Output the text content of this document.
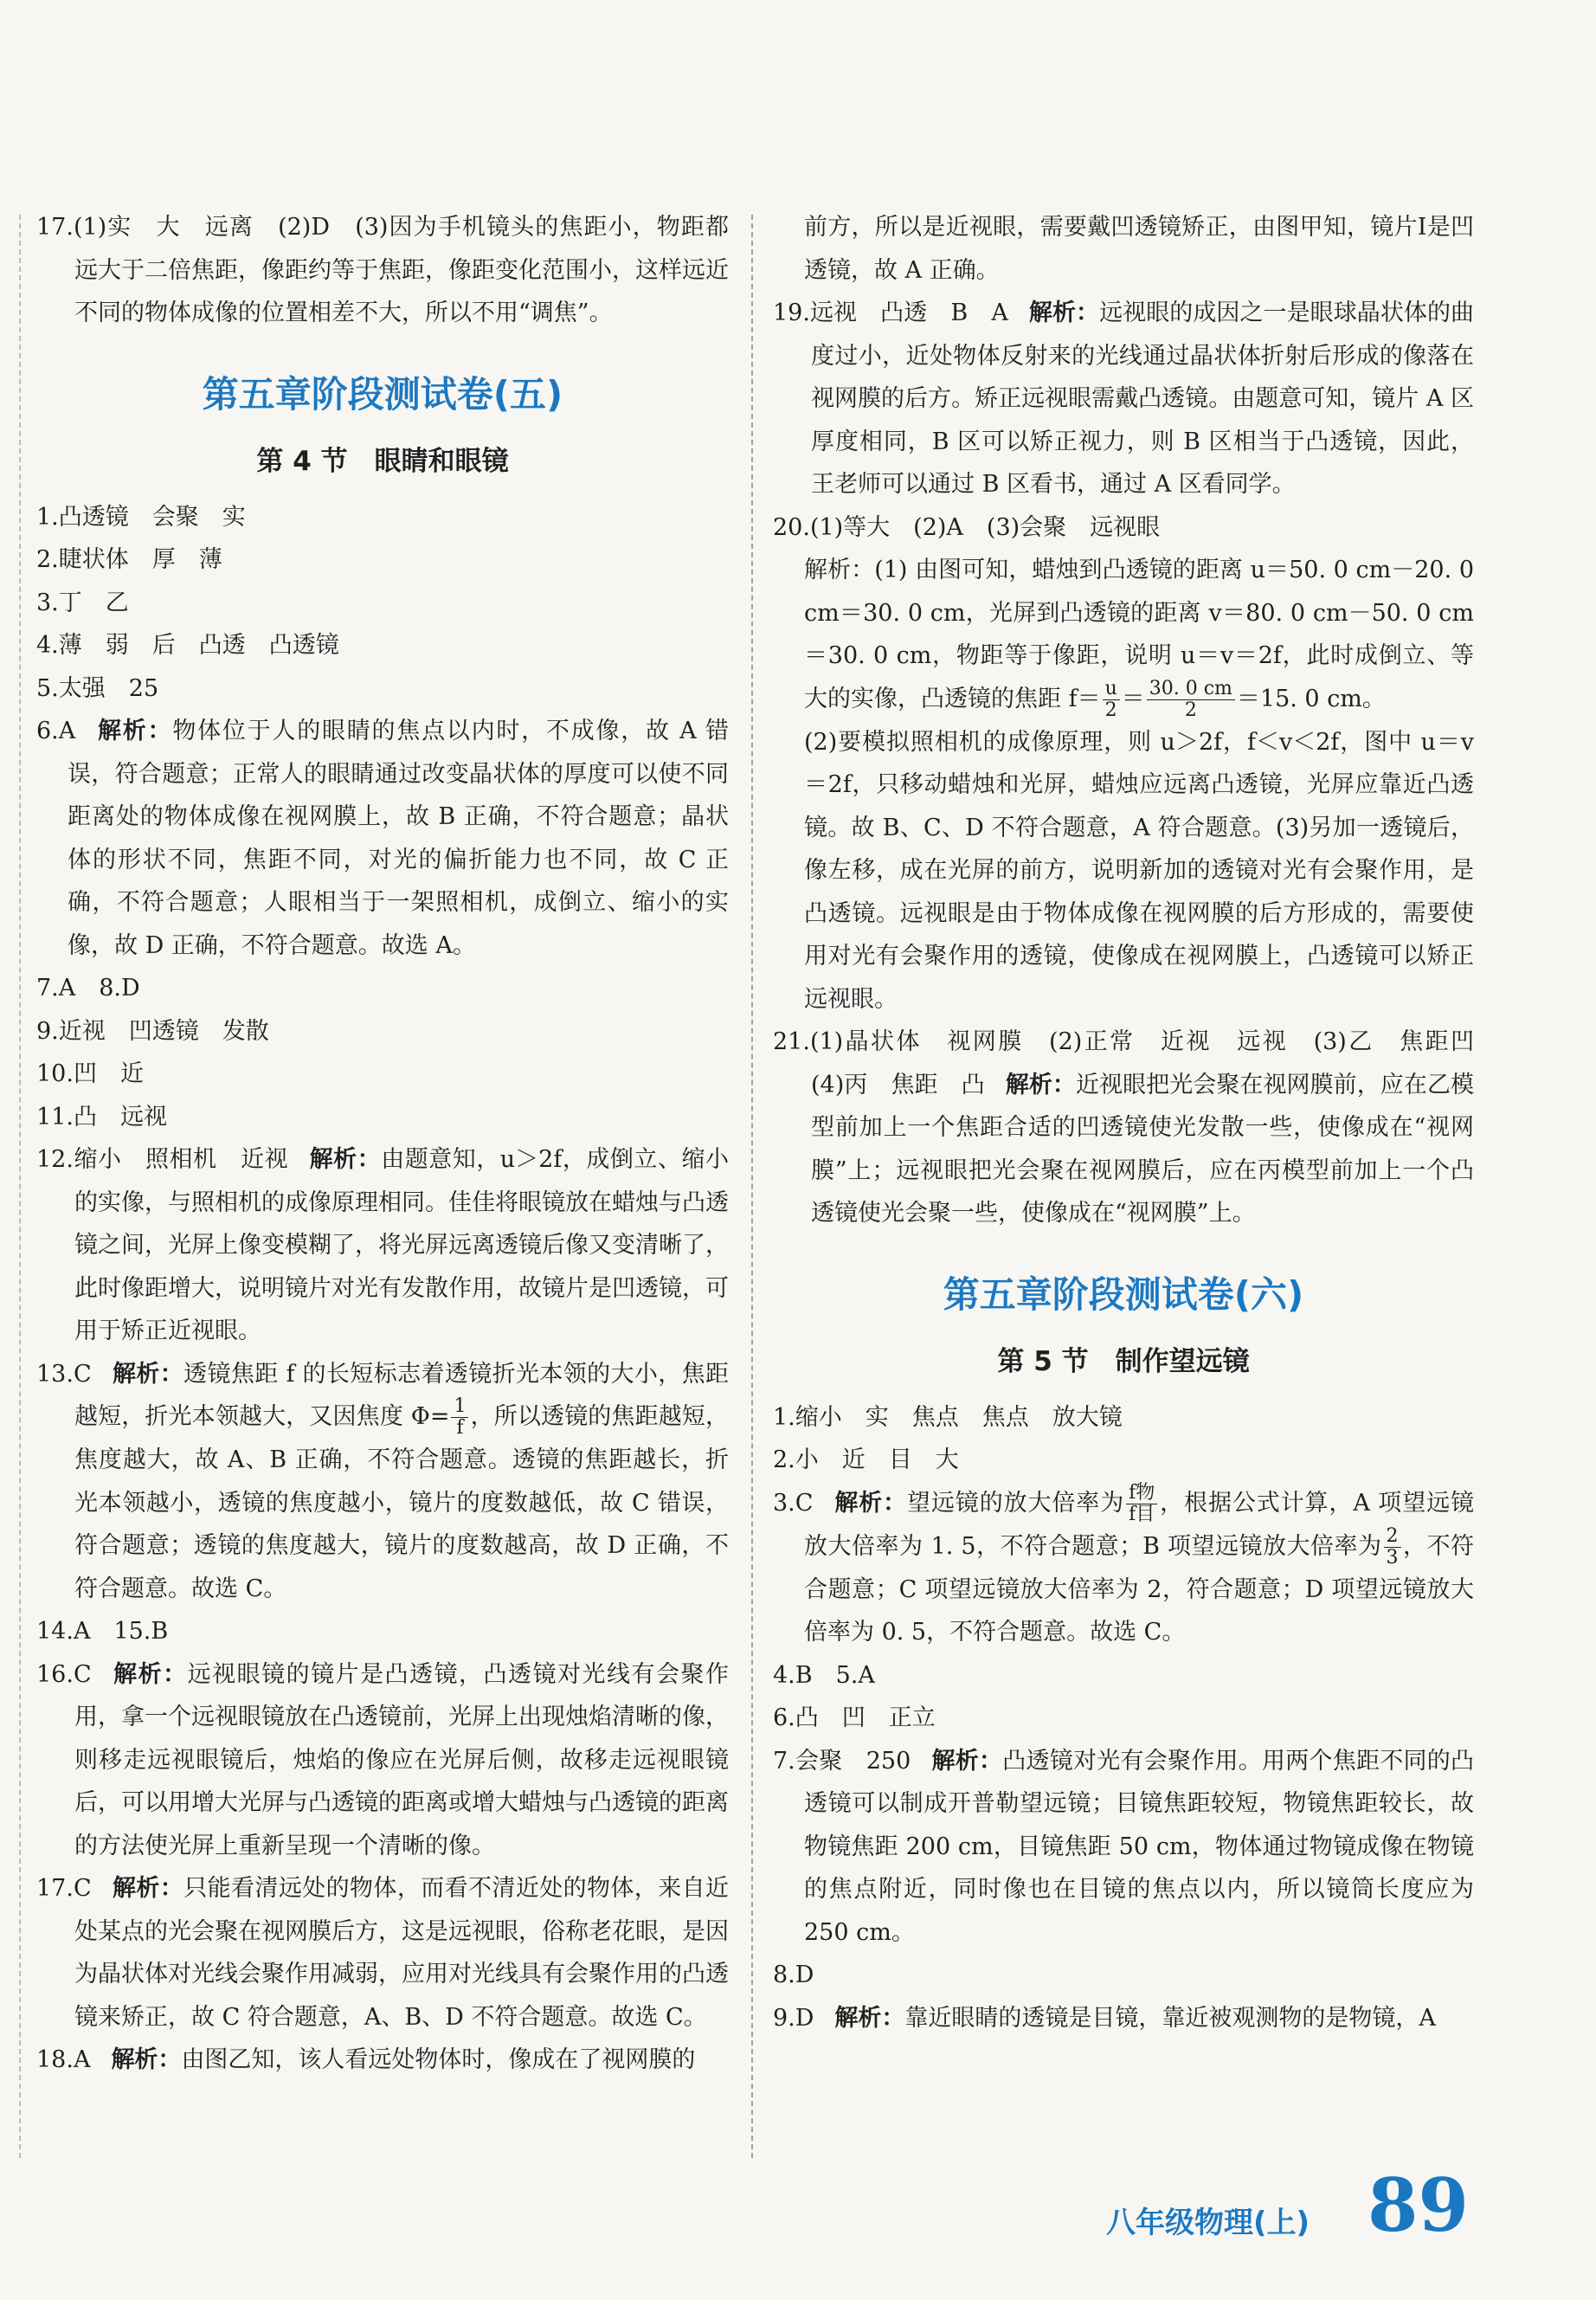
17.(1)实　大　远离　(2)D　(3)因为手机镜头的焦距小，物距都远大于二倍焦距，像距约等于焦距，像距变化范围小，这样远近不同的物体成像的位置相差不大，所以不用“调焦”。
第五章阶段测试卷(五)
第 4 节　眼睛和眼镜
1.凸透镜　会聚　实
2.睫状体　厚　薄
3.丁　乙
4.薄　弱　后　凸透　凸透镜
5.太强　25
6.A 解析：物体位于人的眼睛的焦点以内时，不成像，故 A 错误，符合题意；正常人的眼睛通过改变晶状体的厚度可以使不同距离处的物体成像在视网膜上，故 B 正确，不符合题意；晶状体的形状不同，焦距不同，对光的偏折能力也不同，故 C 正确，不符合题意；人眼相当于一架照相机，成倒立、缩小的实像，故 D 正确，不符合题意。故选 A。
7.A　8.D
9.近视　凹透镜　发散
10.凹　近
11.凸　远视
12.缩小　照相机　近视 解析：由题意知，u＞2f，成倒立、缩小的实像，与照相机的成像原理相同。佳佳将眼镜放在蜡烛与凸透镜之间，光屏上像变模糊了，将光屏远离透镜后像又变清晰了，此时像距增大，说明镜片对光有发散作用，故镜片是凹透镜，可用于矫正近视眼。
13.C 解析：透镜焦距 f 的长短标志着透镜折光本领的大小，焦距越短，折光本领越大，又因焦度 $\Phi= \frac{1}{f}$ ，所以透镜的焦距越短，焦度越大，故 A、B 正确，不符合题意。透镜的焦距越长，折光本领越小，透镜的焦度越小，镜片的度数越低，故 C 错误，符合题意；透镜的焦度越大，镜片的度数越高，故 D 正确，不符合题意。故选 C。
14.A　15.B
16.C 解析：远视眼镜的镜片是凸透镜，凸透镜对光线有会聚作用，拿一个远视眼镜放在凸透镜前，光屏上出现烛焰清晰的像，则移走远视眼镜后，烛焰的像应在光屏后侧，故移走远视眼镜后，可以用增大光屏与凸透镜的距离或增大蜡烛与凸透镜的距离的方法使光屏上重新呈现一个清晰的像。
17.C 解析：只能看清远处的物体，而看不清近处的物体，来自近处某点的光会聚在视网膜后方，这是远视眼，俗称老花眼，是因为晶状体对光线会聚作用减弱，应用对光线具有会聚作用的凸透镜来矫正，故 C 符合题意，A、B、D 不符合题意。故选 C。
18.A 解析：由图乙知，该人看远处物体时，像成在了视网膜的
前方，所以是近视眼，需要戴凹透镜矫正，由图甲知，镜片Ⅰ是凹透镜，故 A 正确。
19.远视　凸透　B　A 解析：远视眼的成因之一是眼球晶状体的曲度过小，近处物体反射来的光线通过晶状体折射后形成的像落在视网膜的后方。矫正远视眼需戴凸透镜。由题意可知，镜片 A 区厚度相同，B 区可以矫正视力，则 B 区相当于凸透镜，因此，王老师可以通过 B 区看书，通过 A 区看同学。
20.(1)等大　(2)A　(3)会聚　远视眼
解析：(1) 由图可知，蜡烛到凸透镜的距离 u＝50. 0 cm－20. 0 cm＝30. 0 cm，光屏到凸透镜的距离 v＝80. 0 cm－50. 0 cm＝30. 0 cm，物距等于像距，说明 u＝v＝2f，此时成倒立、等大的实像，凸透镜的焦距 $f= \frac{u}{2} = \frac{30. 0 cm}{2} =15$. 0 cm。
(2)要模拟照相机的成像原理，则 u＞2f，f＜v＜2f，图中 u＝v＝2f，只移动蜡烛和光屏，蜡烛应远离凸透镜，光屏应靠近凸透镜。故 B、C、D 不符合题意，A 符合题意。(3)另加一透镜后，像左移，成在光屏的前方，说明新加的透镜对光有会聚作用，是凸透镜。远视眼是由于物体成像在视网膜的后方形成的，需要使用对光有会聚作用的透镜，使像成在视网膜上，凸透镜可以矫正远视眼。
21.(1)晶状体　视网膜　(2)正常　近视　远视　(3)乙　焦距凹　(4)丙　焦距　凸 解析：近视眼把光会聚在视网膜前，应在乙模型前加上一个焦距合适的凹透镜使光发散一些，使像成在“视网膜”上；远视眼把光会聚在视网膜后，应在丙模型前加上一个凸透镜使光会聚一些，使像成在“视网膜”上。
第五章阶段测试卷(六)
第 5 节　制作望远镜
1.缩小　实　焦点　焦点　放大镜
2.小　近　目　大
3.C 解析：望远镜的放大倍率为 $\frac{\text{f物}}{\text{f目}}$ ，根据公式计算，A 项望远镜放大倍率为 1. 5，不符合题意；B 项望远镜放大倍率为 $\frac{2}{3}$ ，不符合题意；C 项望远镜放大倍率为 2，符合题意；D 项望远镜放大倍率为 0. 5，不符合题意。故选 C。
4.B　5.A
6.凸　凹　正立
7.会聚　250 解析：凸透镜对光有会聚作用。用两个焦距不同的凸透镜可以制成开普勒望远镜；目镜焦距较短，物镜焦距较长，故物镜焦距 200 cm，目镜焦距 50 cm，物体通过物镜成像在物镜的焦点附近，同时像也在目镜的焦点以内，所以镜筒长度应为 250 cm。
8.D
9.D 解析：靠近眼睛的透镜是目镜，靠近被观测物的是物镜，A
八年级物理(上) 89
